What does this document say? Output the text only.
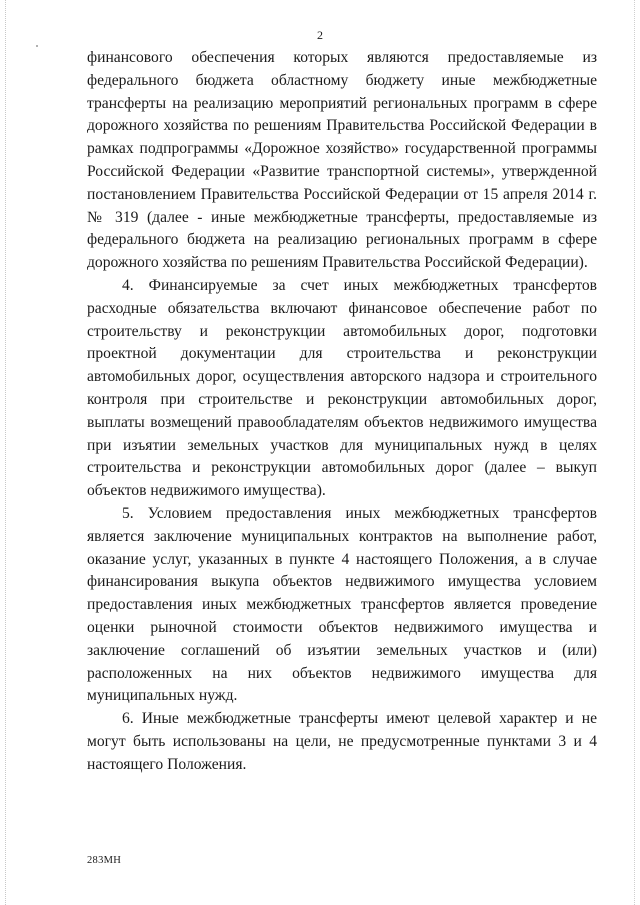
2

финансового обеспечения которых являются предоставляемые из федерального бюджета областному бюджету иные межбюджетные трансферты на реализацию мероприятий региональных программ в сфере дорожного хозяйства по решениям Правительства Российской Федерации в рамках подпрограммы «Дорожное хозяйство» государственной программы Российской Федерации «Развитие транспортной системы», утвержденной постановлением Правительства Российской Федерации от 15 апреля 2014 г. № 319 (далее - иные межбюджетные трансферты, предоставляемые из федерального бюджета на реализацию региональных программ в сфере дорожного хозяйства по решениям Правительства Российской Федерации).

4. Финансируемые за счет иных межбюджетных трансфертов расходные обязательства включают финансовое обеспечение работ по строительству и реконструкции автомобильных дорог, подготовки проектной документации для строительства и реконструкции автомобильных дорог, осуществления авторского надзора и строительного контроля при строительстве и реконструкции автомобильных дорог, выплаты возмещений правообладателям объектов недвижимого имущества при изъятии земельных участков для муниципальных нужд в целях строительства и реконструкции автомобильных дорог (далее – выкуп объектов недвижимого имущества).

5. Условием предоставления иных межбюджетных трансфертов является заключение муниципальных контрактов на выполнение работ, оказание услуг, указанных в пункте 4 настоящего Положения, а в случае финансирования выкупа объектов недвижимого имущества условием предоставления иных межбюджетных трансфертов является проведение оценки рыночной стоимости объектов недвижимого имущества и заключение соглашений об изъятии земельных участков и (или) расположенных на них объектов недвижимого имущества для муниципальных нужд.

6. Иные межбюджетные трансферты имеют целевой характер и не могут быть использованы на цели, не предусмотренные пунктами 3 и 4 настоящего Положения.

283МН
